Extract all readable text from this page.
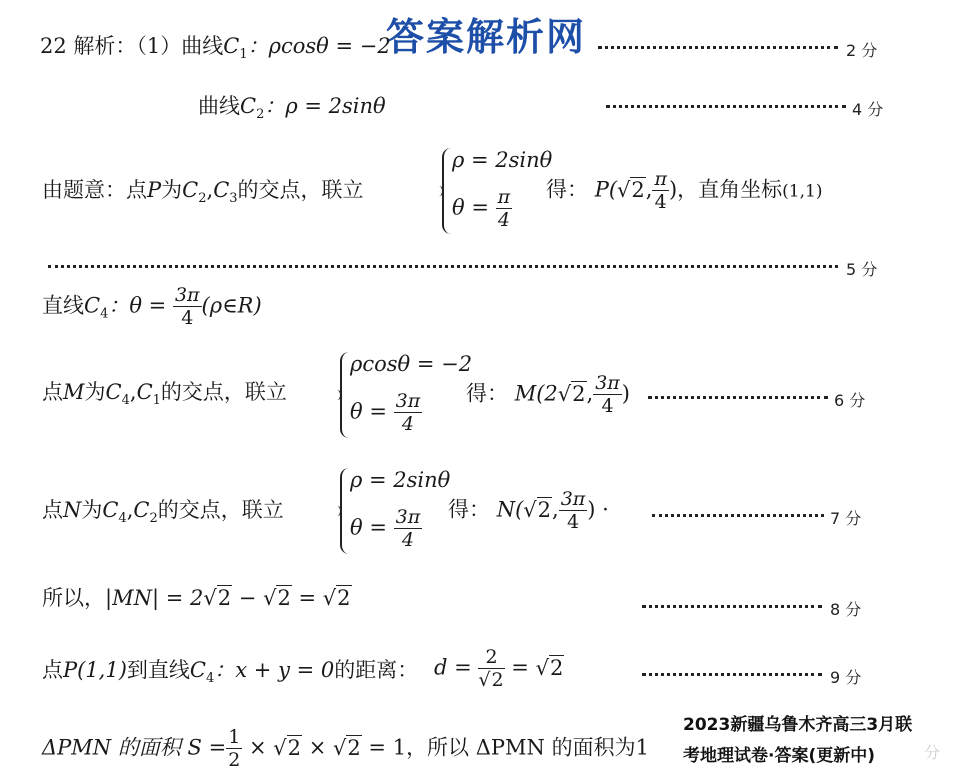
答案解析网
22 解析：（1）曲线$C_1$：ρcosθ = −2	2 分
曲线$C_2$：ρ = 2sinθ	4 分
由题意：点P为$C_2,C_3$的交点，联立
ρ = 2sinθ
$\theta = \frac{\pi}{4}$ 得： P(√2, $\frac{\pi}{4}$ )，直角坐标(1,1)
5 分
直线$C_4$：$\theta = \frac{3\pi}{4}$ (ρ∈R)
点M为$C_4,C_1$的交点，联立
ρcosθ = −2
$\theta = \frac{3\pi}{4}$ 得： M(2√2, $\frac{3\pi}{4}$ )	6 分
点N为$C_4,C_2$的交点，联立
ρ = 2sinθ
$\theta = \frac{3\pi}{4}$ 得： N(√2, $\frac{3\pi}{4}$ ) ·	7 分
所以，|MN| = 2√2 − √2 = √2	8 分
点P(1,1)到直线$C_4$：x + y = 0的距离： $d = \frac{2}{√2} = √2$	9 分
ΔPMN 的面积 $S = \frac{1}{2} \times √2 \times √2 = 1$，所以 ΔPMN 的面积为1
2023新疆乌鲁木齐高三3月联
考地理试卷·答案(更新中)
